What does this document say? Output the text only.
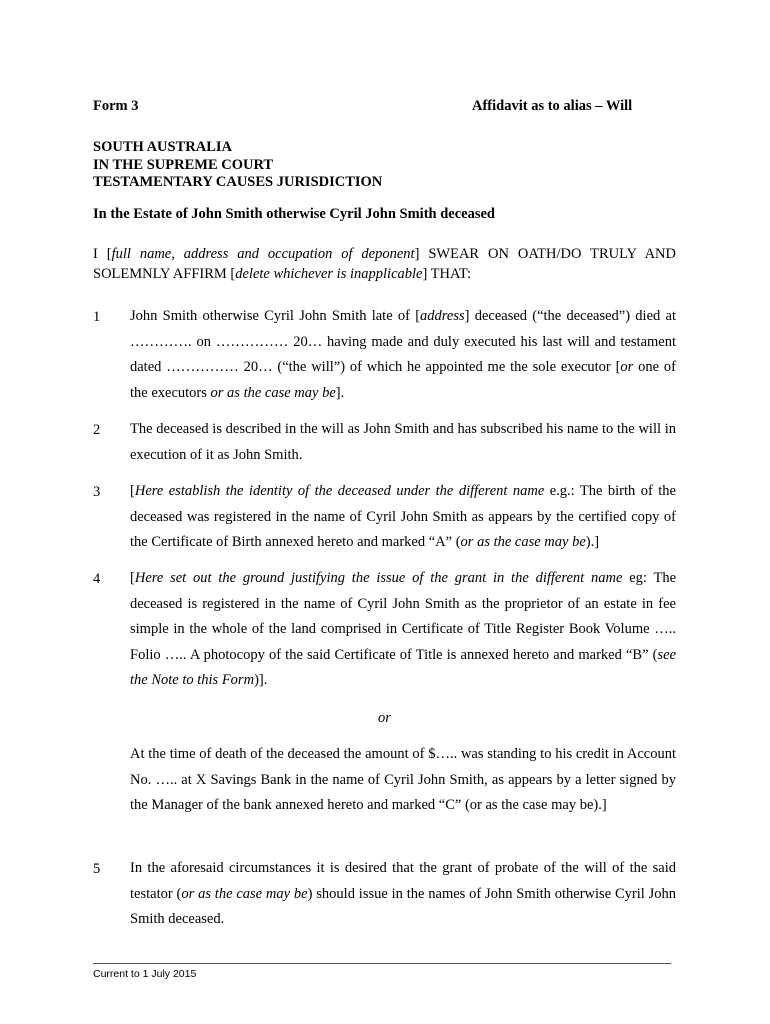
Form 3	Affidavit as to alias – Will
SOUTH AUSTRALIA
IN THE SUPREME COURT
TESTAMENTARY CAUSES JURISDICTION
In the Estate of John Smith otherwise Cyril John Smith deceased
I [full name, address and occupation of deponent] SWEAR ON OATH/DO TRULY AND SOLEMNLY AFFIRM [delete whichever is inapplicable] THAT:
1 John Smith otherwise Cyril John Smith late of [address] deceased (“the deceased”) died at …………. on …………… 20… having made and duly executed his last will and testament dated …………… 20… (“the will”) of which he appointed me the sole executor [or one of the executors or as the case may be].
2 The deceased is described in the will as John Smith and has subscribed his name to the will in execution of it as John Smith.
3 [Here establish the identity of the deceased under the different name e.g.: The birth of the deceased was registered in the name of Cyril John Smith as appears by the certified copy of the Certificate of Birth annexed hereto and marked “A” (or as the case may be).]
4 [Here set out the ground justifying the issue of the grant in the different name eg: The deceased is registered in the name of Cyril John Smith as the proprietor of an estate in fee simple in the whole of the land comprised in Certificate of Title Register Book Volume ….. Folio ….. A photocopy of the said Certificate of Title is annexed hereto and marked “B” (see the Note to this Form)].
or
At the time of death of the deceased the amount of $….. was standing to his credit in Account No. ….. at X Savings Bank in the name of Cyril John Smith, as appears by a letter signed by the Manager of the bank annexed hereto and marked “C” (or as the case may be).]
5 In the aforesaid circumstances it is desired that the grant of probate of the will of the said testator (or as the case may be) should issue in the names of John Smith otherwise Cyril John Smith deceased.
Current to 1 July 2015
